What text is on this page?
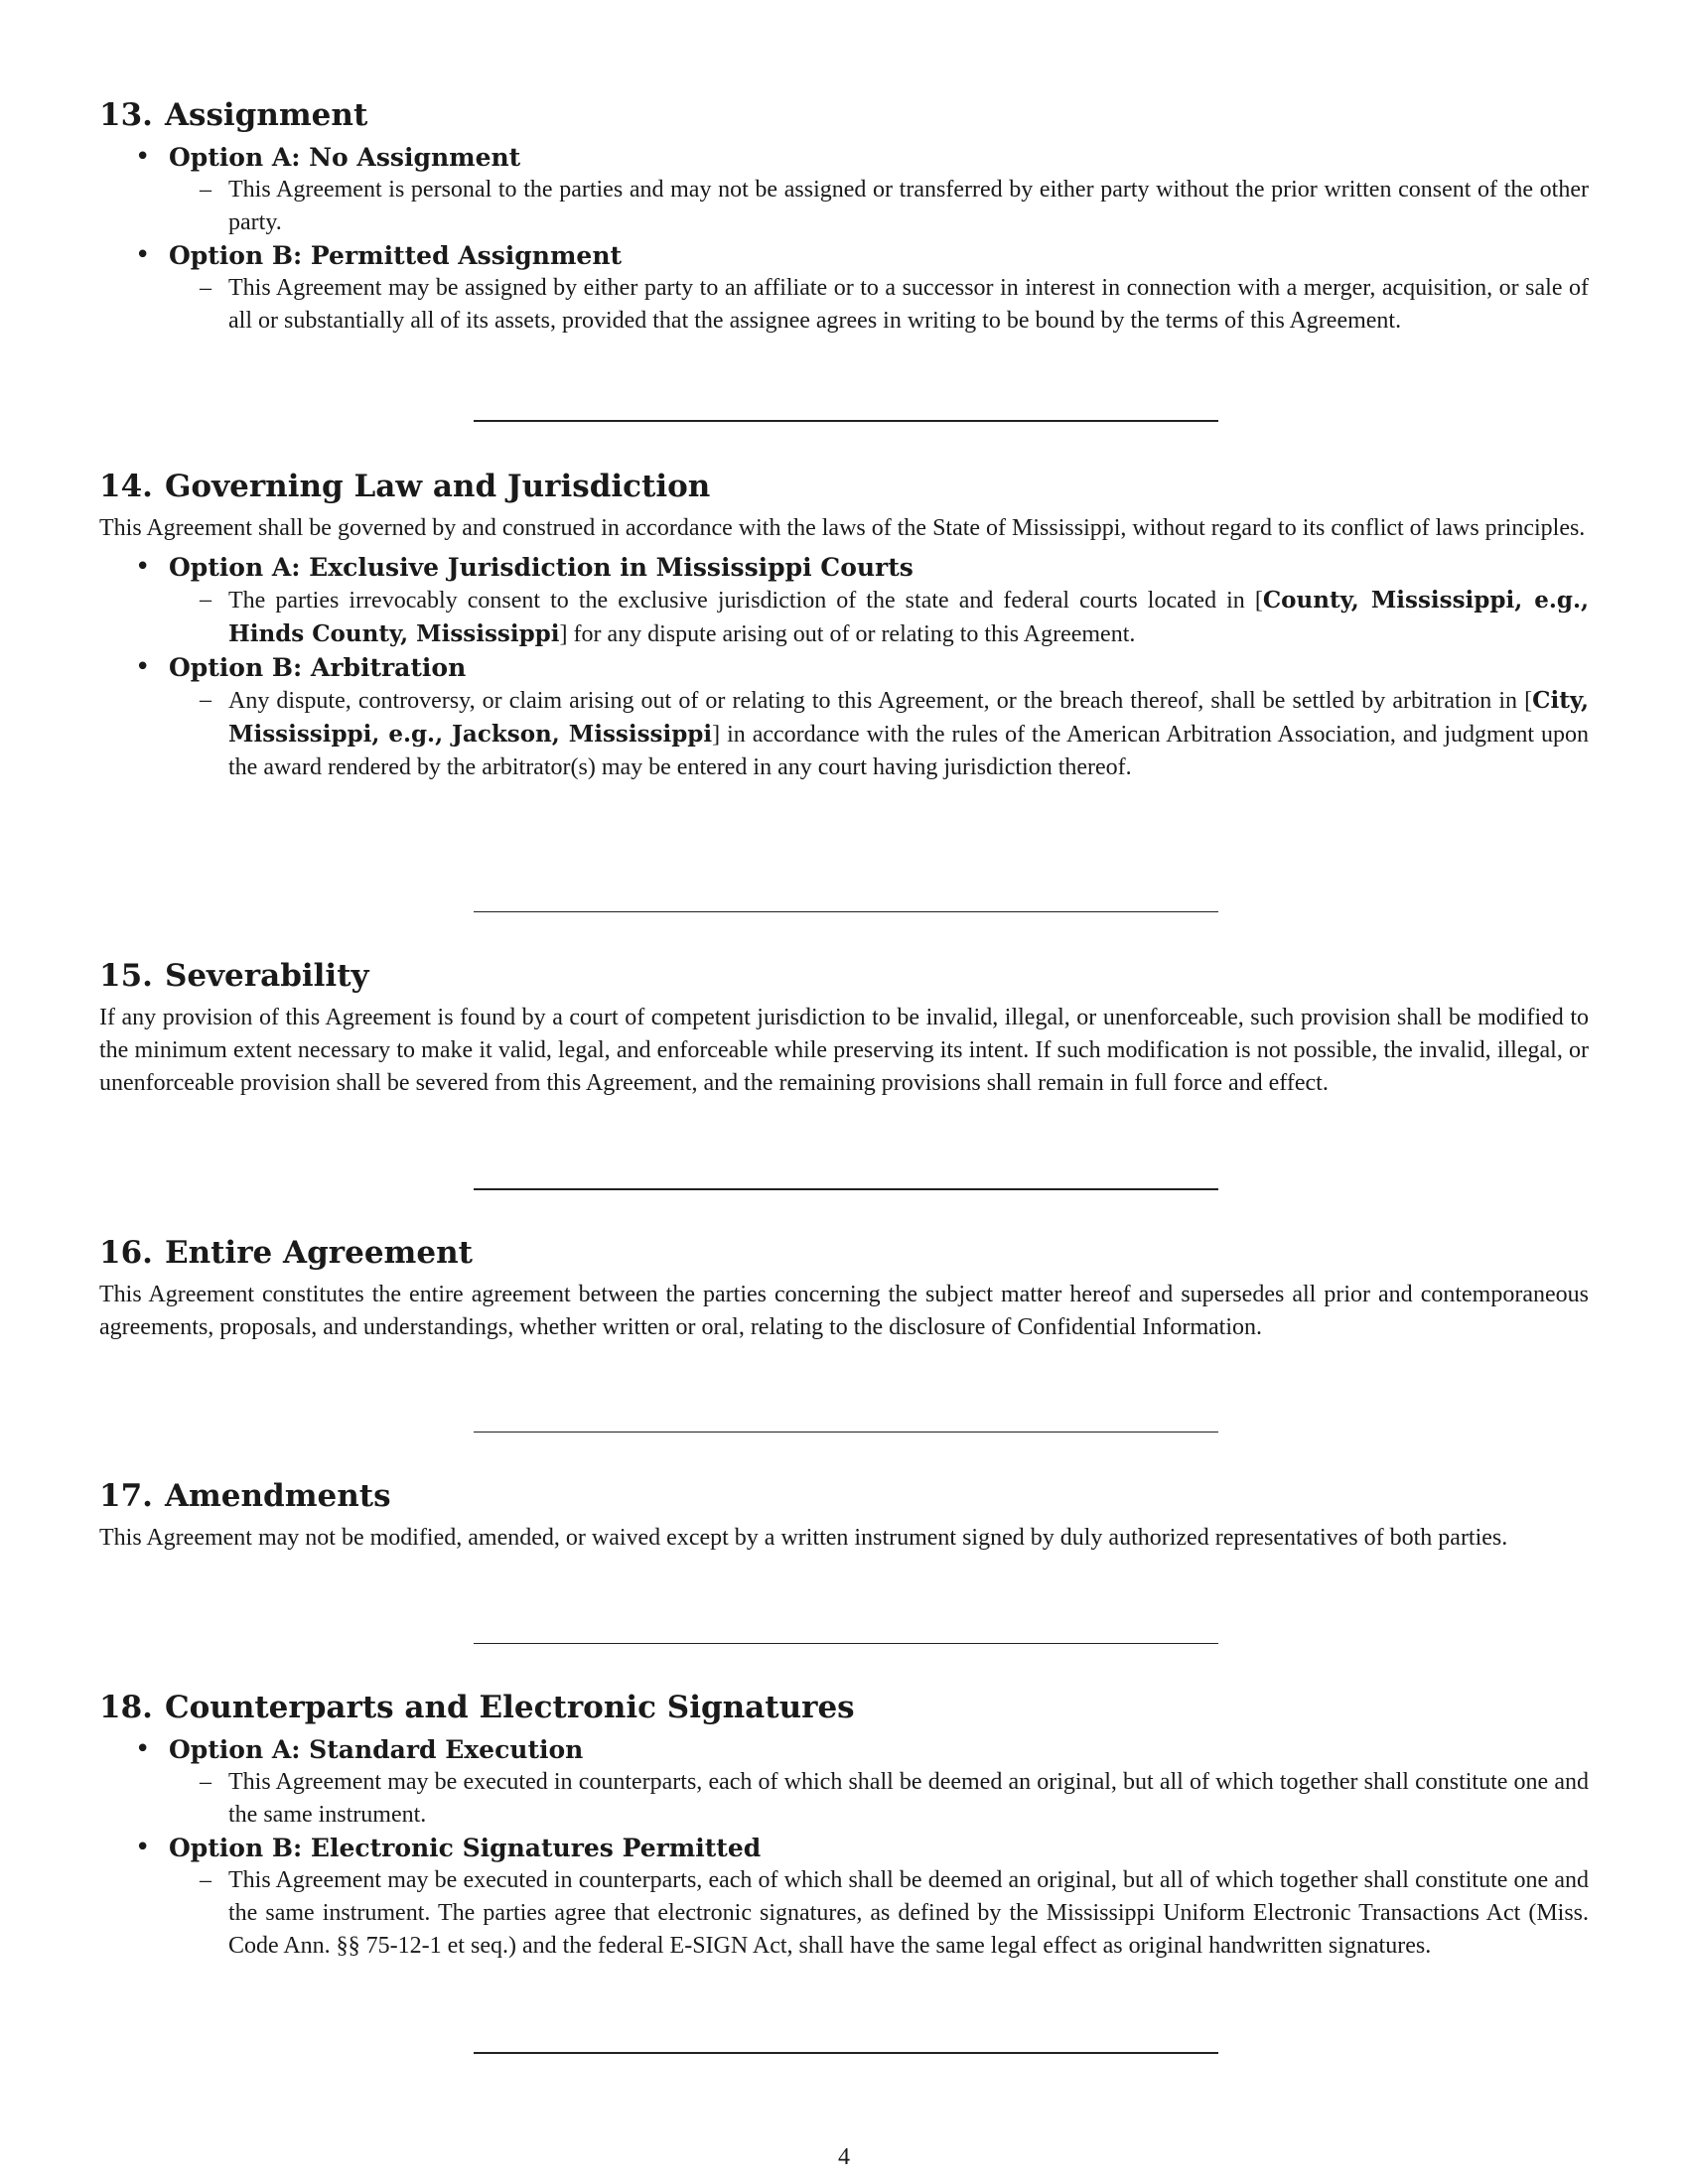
13. Assignment
• Option A: No Assignment
– This Agreement is personal to the parties and may not be assigned or transferred by either party without the prior written consent of the other party.
• Option B: Permitted Assignment
– This Agreement may be assigned by either party to an affiliate or to a successor in interest in connection with a merger, acquisition, or sale of all or substantially all of its assets, provided that the assignee agrees in writing to be bound by the terms of this Agreement.
14. Governing Law and Jurisdiction

This Agreement shall be governed by and construed in accordance with the laws of the State of Mississippi, without regard to its conflict of laws principles.

• Option A: Exclusive Jurisdiction in Mississippi Courts
– The parties irrevocably consent to the exclusive jurisdiction of the state and federal courts located in [County, Mississippi, e.g., Hinds County, Mississippi] for any dispute arising out of or relating to this Agreement.
• Option B: Arbitration
– Any dispute, controversy, or claim arising out of or relating to this Agreement, or the breach thereof, shall be settled by arbitration in [City, Mississippi, e.g., Jackson, Mississippi] in accordance with the rules of the American Arbitration Association, and judgment upon the award rendered by the arbitrator(s) may be entered in any court having jurisdiction thereof.
15. Severability

If any provision of this Agreement is found by a court of competent jurisdiction to be invalid, illegal, or unenforceable, such provision shall be modified to the minimum extent necessary to make it valid, legal, and enforceable while preserving its intent. If such modification is not possible, the invalid, illegal, or unenforceable provision shall be severed from this Agreement, and the remaining provisions shall remain in full force and effect.

16. Entire Agreement

This Agreement constitutes the entire agreement between the parties concerning the subject matter hereof and supersedes all prior and contemporaneous agreements, proposals, and understandings, whether written or oral, relating to the disclosure of Confidential Information.

17. Amendments

This Agreement may not be modified, amended, or waived except by a written instrument signed by duly authorized representatives of both parties.

18. Counterparts and Electronic Signatures
• Option A: Standard Execution
– This Agreement may be executed in counterparts, each of which shall be deemed an original, but all of which together shall constitute one and the same instrument.
• Option B: Electronic Signatures Permitted
– This Agreement may be executed in counterparts, each of which shall be deemed an original, but all of which together shall constitute one and the same instrument. The parties agree that electronic signatures, as defined by the Mississippi Uniform Electronic Transactions Act (Miss. Code Ann. §§ 75-12-1 et seq.) and the federal E-SIGN Act, shall have the same legal effect as original handwritten signatures.
4
